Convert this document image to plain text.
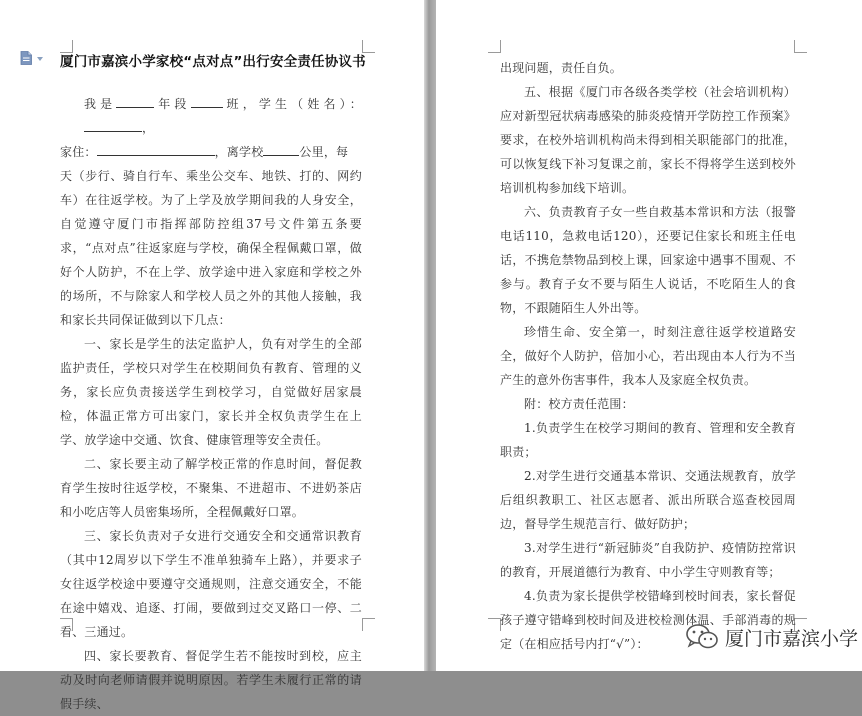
厦门市嘉滨小学家校“点对点”出行安全责任协议书

我是	年段	班，学生（姓名）：，

家住：	，离学校	公里，每

天（步行、骑自行车、乘坐公交车、地铁、打的、网约车）在往返学校。为了上学及放学期间我的人身安全，自觉遵守厦门市指挥部防控组37号文件第五条要求，“点对点”往返家庭与学校，确保全程佩戴口罩，做好个人防护，不在上学、放学途中进入家庭和学校之外的场所，不与除家人和学校人员之外的其他人接触，我和家长共同保证做到以下几点：

一、家长是学生的法定监护人，负有对学生的全部监护责任，学校只对学生在校期间负有教育、管理的义务，家长应负责接送学生到校学习，自觉做好居家晨检，体温正常方可出家门，家长并全权负责学生在上学、放学途中交通、饮食、健康管理等安全责任。

二、家长要主动了解学校正常的作息时间，督促教育学生按时往返学校，不聚集、不进超市、不进奶茶店和小吃店等人员密集场所，全程佩戴好口罩。

三、家长负责对子女进行交通安全和交通常识教育（其中12周岁以下学生不准单独骑车上路），并要求子女往返学校途中要遵守交通规则，注意交通安全，不能在途中嬉戏、追逐、打闹，要做到过交叉路口一停、二看、三通过。

四、家长要教育、督促学生若不能按时到校，应主动及时向老师请假并说明原因。若学生未履行正常的请假手续、

出现问题，责任自负。

五、根据《厦门市各级各类学校（社会培训机构）应对新型冠状病毒感染的肺炎疫情开学防控工作预案》要求，在校外培训机构尚未得到相关职能部门的批准，可以恢复线下补习复课之前，家长不得将学生送到校外培训机构参加线下培训。

六、负责教育子女一些自救基本常识和方法（报警电话110，急救电话120），还要记住家长和班主任电话，不携危禁物品到校上课，回家途中遇事不围观、不参与。教育子女不要与陌生人说话，不吃陌生人的食物，不跟随陌生人外出等。

珍惜生命、安全第一，时刻注意往返学校道路安全，做好个人防护，倍加小心，若出现由本人行为不当产生的意外伤害事件，我本人及家庭全权负责。

附：校方责任范围：

1.负责学生在校学习期间的教育、管理和安全教育职责；

2.对学生进行交通基本常识、交通法规教育，放学后组织教职工、社区志愿者、派出所联合巡查校园周边，督导学生规范言行、做好防护；

3.对学生进行“新冠肺炎”自我防护、疫情防控常识的教育，开展道德行为教育、中小学生守则教育等；

4.负责为家长提供学校错峰到校时间表，家长督促孩子遵守错峰到校时间及进校检测体温、手部消毒的规定（在相应括号内打“√”）：	厦门市嘉滨小学
